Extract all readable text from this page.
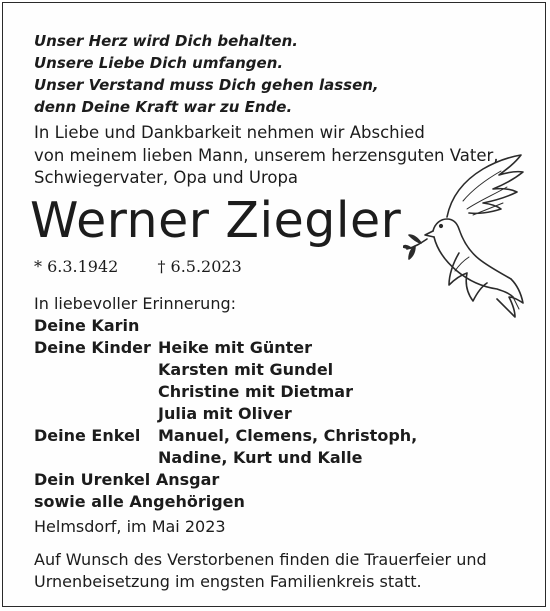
Unser Herz wird Dich behalten.
Unsere Liebe Dich umfangen.
Unser Verstand muss Dich gehen lassen,
denn Deine Kraft war zu Ende.
In Liebe und Dankbarkeit nehmen wir Abschied
von meinem lieben Mann, unserem herzensguten Vater,
Schwiegervater, Opa und Uropa
Werner Ziegler
* 6.3.1942 † 6.5.2023
In liebevoller Erinnerung:
Deine Karin
Deine Kinder Heike mit Günter
Karsten mit Gundel
Christine mit Dietmar
Julia mit Oliver
Deine Enkel	Manuel, Clemens, Christoph,
Nadine, Kurt und Kalle
Dein Urenkel Ansgar
sowie alle Angehörigen
Helmsdorf, im Mai 2023
Auf Wunsch des Verstorbenen finden die Trauerfeier und
Urnenbeisetzung im engsten Familienkreis statt.
